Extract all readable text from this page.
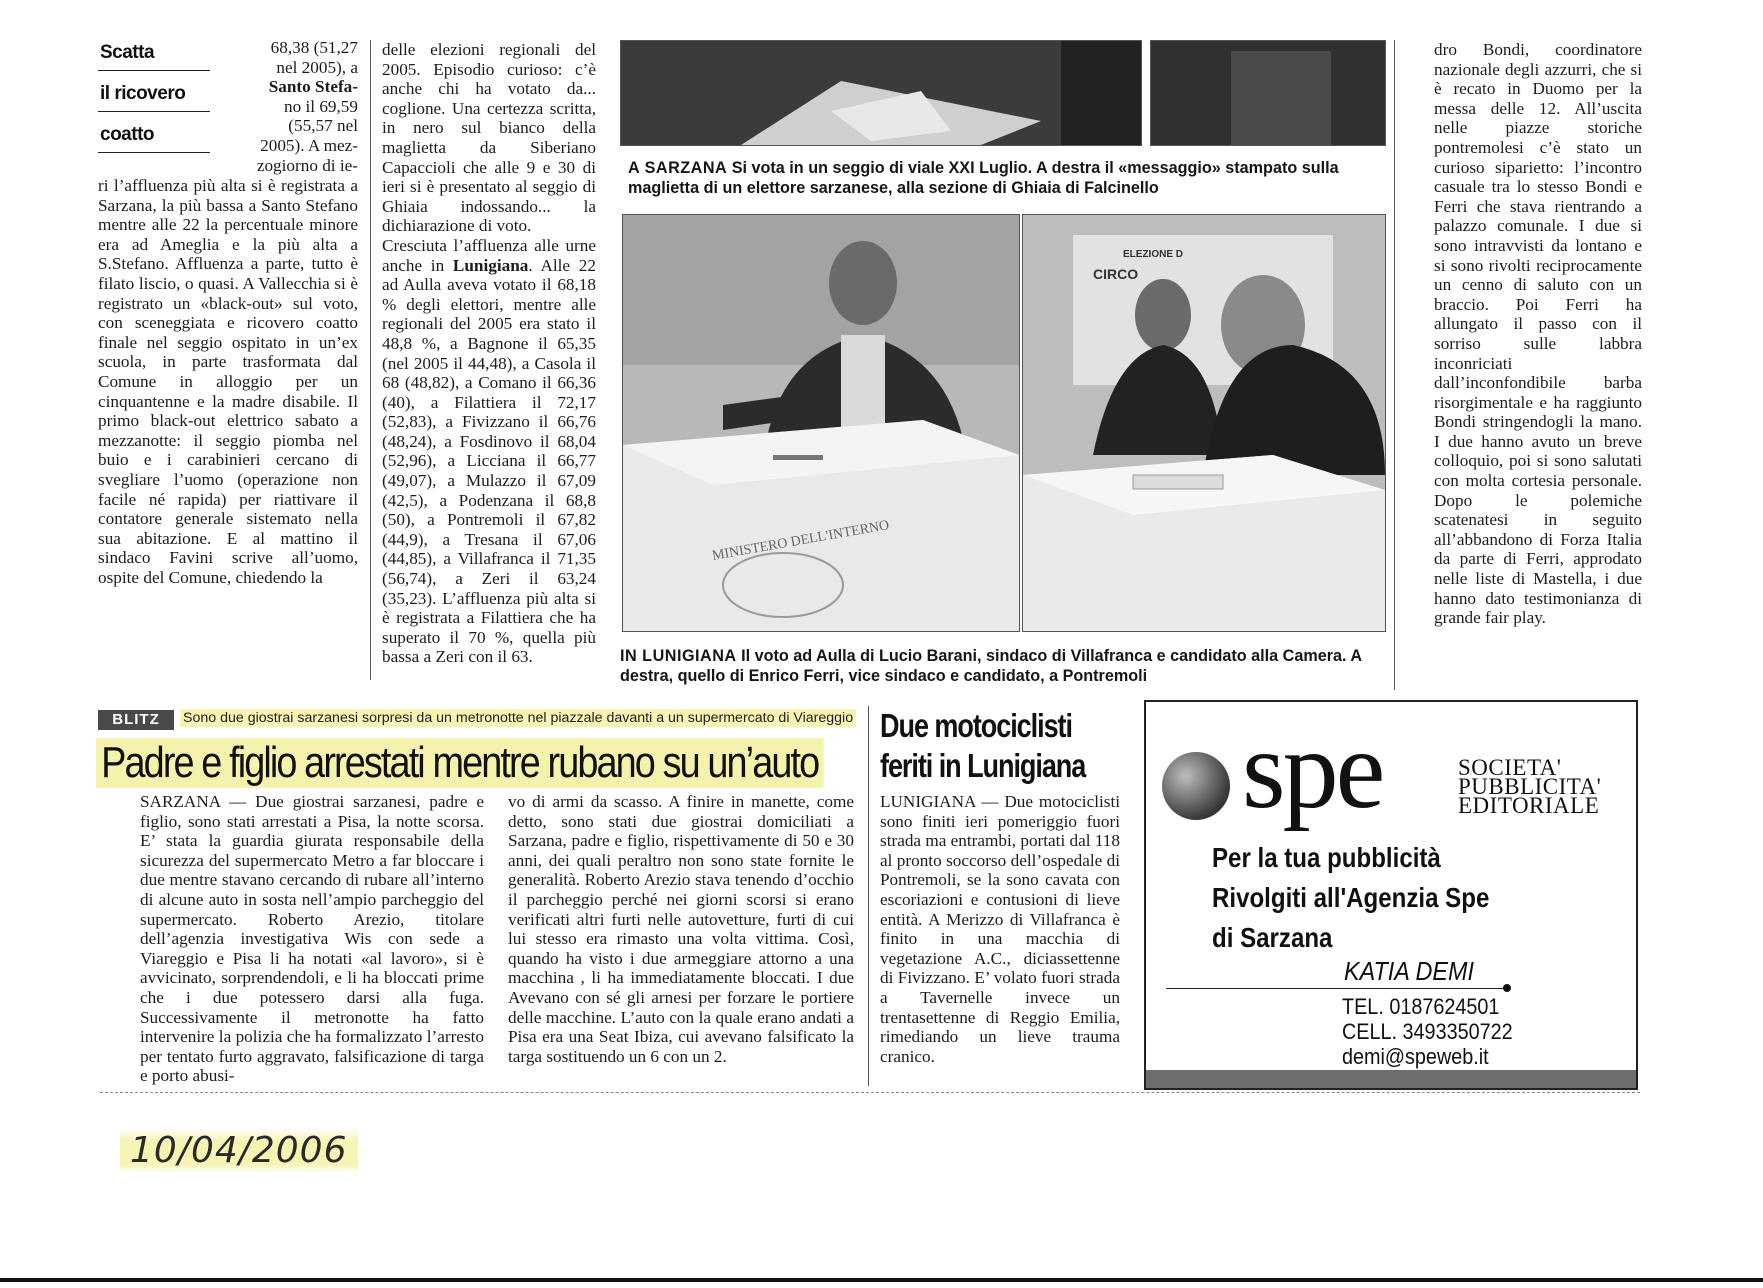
Scatta
il ricovero
coatto

68,38 (51,27

nel 2005), a

Santo Stefa-

no il 69,59

(55,57 nel

2005). A mez-

zogiorno di ie-

ri l’affluenza più alta si è registrata a Sarzana, la più bassa a Santo Stefano mentre alle 22 la percentuale minore era ad Ameglia e la più alta a S.Stefano. Affluenza a parte, tutto è filato liscio, o quasi. A Vallecchia si è registrato un «black-out» sul voto, con sceneggiata e ricovero coatto finale nel seggio ospitato in un’ex scuola, in parte trasformata dal Comune in alloggio per un cinquantenne e la madre disabile. Il primo black-out elettrico sabato a mezzanotte: il seggio piomba nel buio e i carabinieri cercano di svegliare l’uomo (operazione non facile né rapida) per riattivare il contatore generale sistemato nella sua abitazione. E al mattino il sindaco Favini scrive all’uomo, ospite del Comune, chiedendo la

delle elezioni regionali del 2005. Episodio curioso: c’è anche chi ha votato da... coglione. Una certezza scritta, in nero sul bianco della maglietta da Siberiano Capaccioli che alle 9 e 30 di ieri si è presentato al seggio di Ghiaia indossando... la dichiarazione di voto.

Cresciuta l’affluenza alle urne anche in Lunigiana. Alle 22 ad Aulla aveva votato il 68,18 % degli elettori, mentre alle regionali del 2005 era stato il 48,8 %, a Bagnone il 65,35 (nel 2005 il 44,48), a Casola il 68 (48,82), a Comano il 66,36 (40), a Filattiera il 72,17 (52,83), a Fivizzano il 66,76 (48,24), a Fosdinovo il 68,04 (52,96), a Licciana il 66,77 (49,07), a Mulazzo il 67,09 (42,5), a Podenzana il 68,8 (50), a Pontremoli il 67,82 (44,9), a Tresana il 67,06 (44,85), a Villafranca il 71,35 (56,74), a Zeri il 63,24 (35,23). L’affluenza più alta si è registrata a Filattiera che ha superato il 70 %, quella più bassa a Zeri con il 63.

A SARZANA Si vota in un seggio di viale XXI Luglio. A destra il «messaggio» stampato sulla maglietta di un elettore sarzanese, alla sezione di Ghiaia di Falcinello
MINISTERO DELL'INTERNO
ELEZIONE D
CIRCO
IN LUNIGIANA Il voto ad Aulla di Lucio Barani, sindaco di Villafranca e candidato alla Camera. A destra, quello di Enrico Ferri, vice sindaco e candidato, a Pontremoli

dro Bondi, coordinatore nazionale degli azzurri, che si è recato in Duomo per la messa delle 12. All’uscita nelle piazze storiche pontremolesi c’è stato un curioso siparietto: l’incontro casuale tra lo stesso Bondi e Ferri che stava rientrando a palazzo comunale. I due si sono intravvisti da lontano e si sono rivolti reciprocamente un cenno di saluto con un braccio. Poi Ferri ha allungato il passo con il sorriso sulle labbra inconriciati dall’inconfondibile barba risorgimentale e ha raggiunto Bondi stringendogli la mano. I due hanno avuto un breve colloquio, poi si sono salutati con molta cortesia personale. Dopo le polemiche scatenatesi in seguito all’abbandono di Forza Italia da parte di Ferri, approdato nelle liste di Mastella, i due hanno dato testimonianza di grande fair play.

BLITZ	Sono due giostrai sarzanesi sorpresi da un metronotte nel piazzale davanti a un supermercato di Viareggio
Padre e figlio arrestati mentre rubano su un’auto

SARZANA — Due giostrai sarzanesi, padre e figlio, sono stati arrestati a Pisa, la notte scorsa. E’ stata la guardia giurata responsabile della sicurezza del supermercato Metro a far bloccare i due mentre stavano cercando di rubare all’interno di alcune auto in sosta nell’ampio parcheggio del supermercato. Roberto Arezio, titolare dell’agenzia investigativa Wis con sede a Viareggio e Pisa li ha notati «al lavoro», si è avvicinato, sorprendendoli, e li ha bloccati prime che i due potessero darsi alla fuga. Successivamente il metronotte ha fatto intervenire la polizia che ha formalizzato l’arresto per tentato furto aggravato, falsificazione di targa e porto abusi-

vo di armi da scasso. A finire in manette, come detto, sono stati due giostrai domiciliati a Sarzana, padre e figlio, rispettivamente di 50 e 30 anni, dei quali peraltro non sono state fornite le generalità. Roberto Arezio stava tenendo d’occhio il parcheggio perché nei giorni scorsi si erano verificati altri furti nelle autovetture, furti di cui lui stesso era rimasto una volta vittima. Così, quando ha visto i due armeggiare attorno a una macchina , li ha immediatamente bloccati. I due Avevano con sé gli arnesi per forzare le portiere delle macchine. L’auto con la quale erano andati a Pisa era una Seat Ibiza, cui avevano falsificato la targa sostituendo un 6 con un 2.

Due motociclisti feriti in Lunigiana

LUNIGIANA — Due motociclisti sono finiti ieri pomeriggio fuori strada ma entrambi, portati dal 118 al pronto soccorso dell’ospedale di Pontremoli, se la sono cavata con escoriazioni e contusioni di lieve entità. A Merizzo di Villafranca è finito in una macchia di vegetazione A.C., diciassettenne di Fivizzano. E’ volato fuori strada a Tavernelle invece un trentasettenne di Reggio Emilia, rimediando un lieve trauma cranico.

spe	SOCIETA'
PUBBLICITA'
EDITORIALE
Per la tua pubblicità
Rivolgiti all'Agenzia Spe
di Sarzana
KATIA DEMI
TEL. 0187624501
CELL. 3493350722
demi@speweb.it
10/04/2006
